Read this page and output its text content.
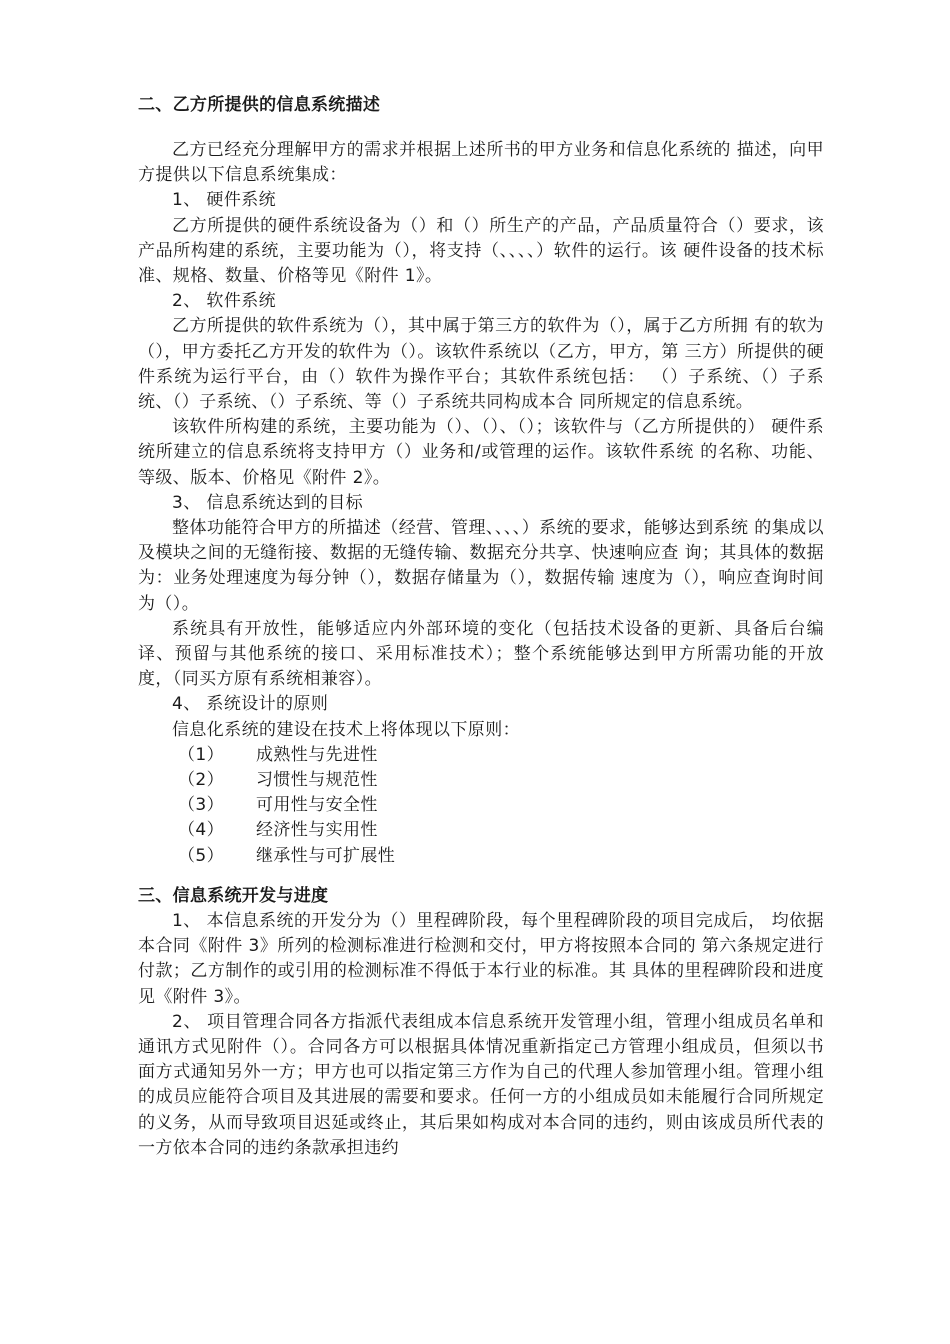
二、乙方所提供的信息系统描述

乙方已经充分理解甲方的需求并根据上述所书的甲方业务和信息化系统的 描述，向甲方提供以下信息系统集成：

1、 硬件系统

乙方所提供的硬件系统设备为（）和（）所生产的产品，产品质量符合（）要求，该产品所构建的系统，主要功能为（），将支持（、、、、）软件的运行。该 硬件设备的技术标准、规格、数量、价格等见《附件 1》。

2、 软件系统

乙方所提供的软件系统为（），其中属于第三方的软件为（），属于乙方所拥 有的软为（），甲方委托乙方开发的软件为（）。该软件系统以（乙方，甲方，第 三方）所提供的硬件系统为运行平台，由（）软件为操作平台；其软件系统包括： （）子系统、（）子系统、（）子系统、（）子系统、等（）子系统共同构成本合 同所规定的信息系统。

该软件所构建的系统，主要功能为（）、（）、（）；该软件与（乙方所提供的） 硬件系统所建立的信息系统将支持甲方（）业务和/或管理的运作。该软件系统 的名称、功能、等级、版本、价格见《附件 2》。

3、 信息系统达到的目标

整体功能符合甲方的所描述（经营、管理、、、、）系统的要求，能够达到系统 的集成以及模块之间的无缝衔接、数据的无缝传输、数据充分共享、快速响应查 询；其具体的数据为：业务处理速度为每分钟（），数据存储量为（），数据传输 速度为（），响应查询时间为（）。

系统具有开放性，能够适应内外部环境的变化（包括技术设备的更新、具备后台编译、预留与其他系统的接口、采用标准技术）；整个系统能够达到甲方所需功能的开放度，（同买方原有系统相兼容）。

4、 系统设计的原则

信息化系统的建设在技术上将体现以下原则：

（1）	成熟性与先进性
（2）	习惯性与规范性
（3）	可用性与安全性
（4）	经济性与实用性
（5）	继承性与可扩展性

三、信息系统开发与进度

1、 本信息系统的开发分为（）里程碑阶段，每个里程碑阶段的项目完成后， 均依据本合同《附件 3》所列的检测标准进行检测和交付，甲方将按照本合同的 第六条规定进行付款；乙方制作的或引用的检测标准不得低于本行业的标准。其 具体的里程碑阶段和进度见《附件 3》。

2、 项目管理合同各方指派代表组成本信息系统开发管理小组，管理小组成员名单和通讯方式见附件（）。合同各方可以根据具体情况重新指定己方管理小组成员，但须以书面方式通知另外一方；甲方也可以指定第三方作为自己的代理人参加管理小组。管理小组的成员应能符合项目及其进展的需要和要求。任何一方的小组成员如未能履行合同所规定的义务，从而导致项目迟延或终止，其后果如构成对本合同的违约，则由该成员所代表的一方依本合同的违约条款承担违约
